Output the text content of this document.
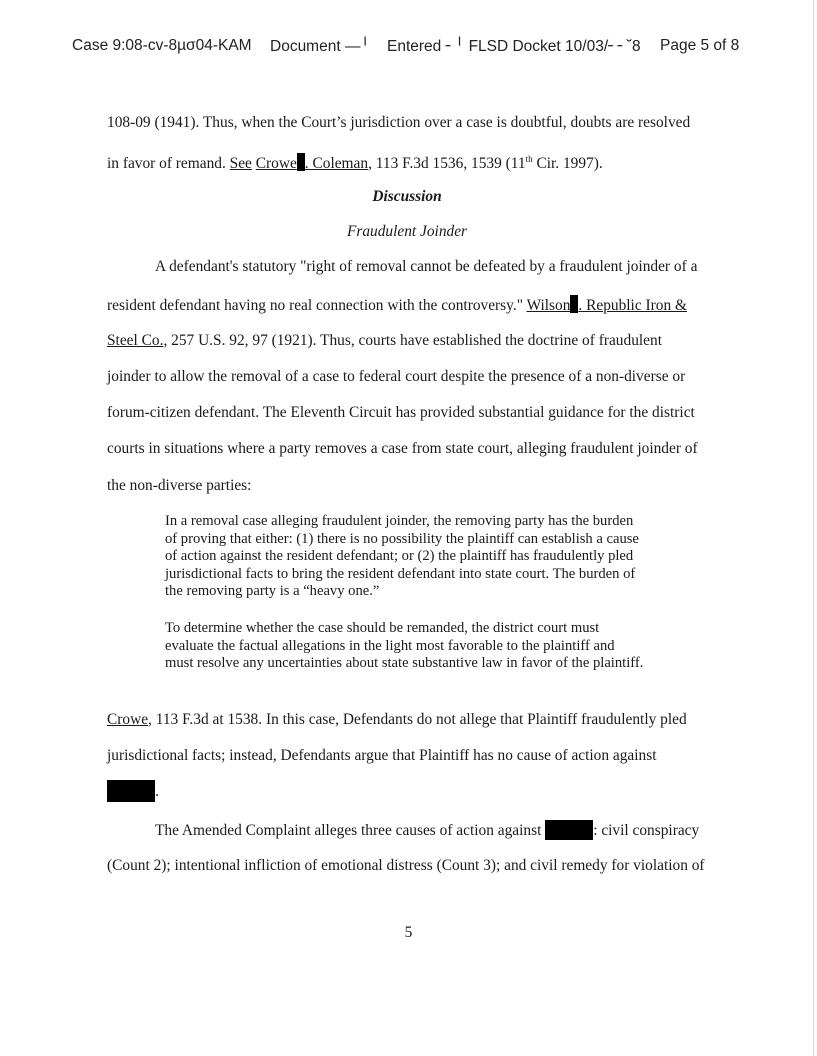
Case 9:08-cv-8µσ04-KAM Document —╵ Entered ╴╵ FLSD Docket 10/03/╴╴˘8 Page 5 of 8
108-09 (1941). Thus, when the Court’s jurisdiction over a case is doubtful, doubts are resolved
in favor of remand. See Crowe . Coleman, 113 F.3d 1536, 1539 (11th Cir. 1997).
Discussion
Fraudulent Joinder
A defendant's statutory "right of removal cannot be defeated by a fraudulent joinder of a
resident defendant having no real connection with the controversy." Wilson . Republic Iron &
Steel Co., 257 U.S. 92, 97 (1921). Thus, courts have established the doctrine of fraudulent
joinder to allow the removal of a case to federal court despite the presence of a non-diverse or
forum-citizen defendant. The Eleventh Circuit has provided substantial guidance for the district
courts in situations where a party removes a case from state court, alleging fraudulent joinder of
the non-diverse parties:

In a removal case alleging fraudulent joinder, the removing party has the burden of proving that either: (1) there is no possibility the plaintiff can establish a cause of action against the resident defendant; or (2) the plaintiff has fraudulently pled jurisdictional facts to bring the resident defendant into state court. The burden of the removing party is a “heavy one.”

To determine whether the case should be remanded, the district court must evaluate the factual allegations in the light most favorable to the plaintiff and must resolve any uncertainties about state substantive law in favor of the plaintiff.

Crowe, 113 F.3d at 1538. In this case, Defendants do not allege that Plaintiff fraudulently pled
jurisdictional facts; instead, Defendants argue that Plaintiff has no cause of action against
.
The Amended Complaint alleges three causes of action against	: civil conspiracy
(Count 2); intentional infliction of emotional distress (Count 3); and civil remedy for violation of
5
